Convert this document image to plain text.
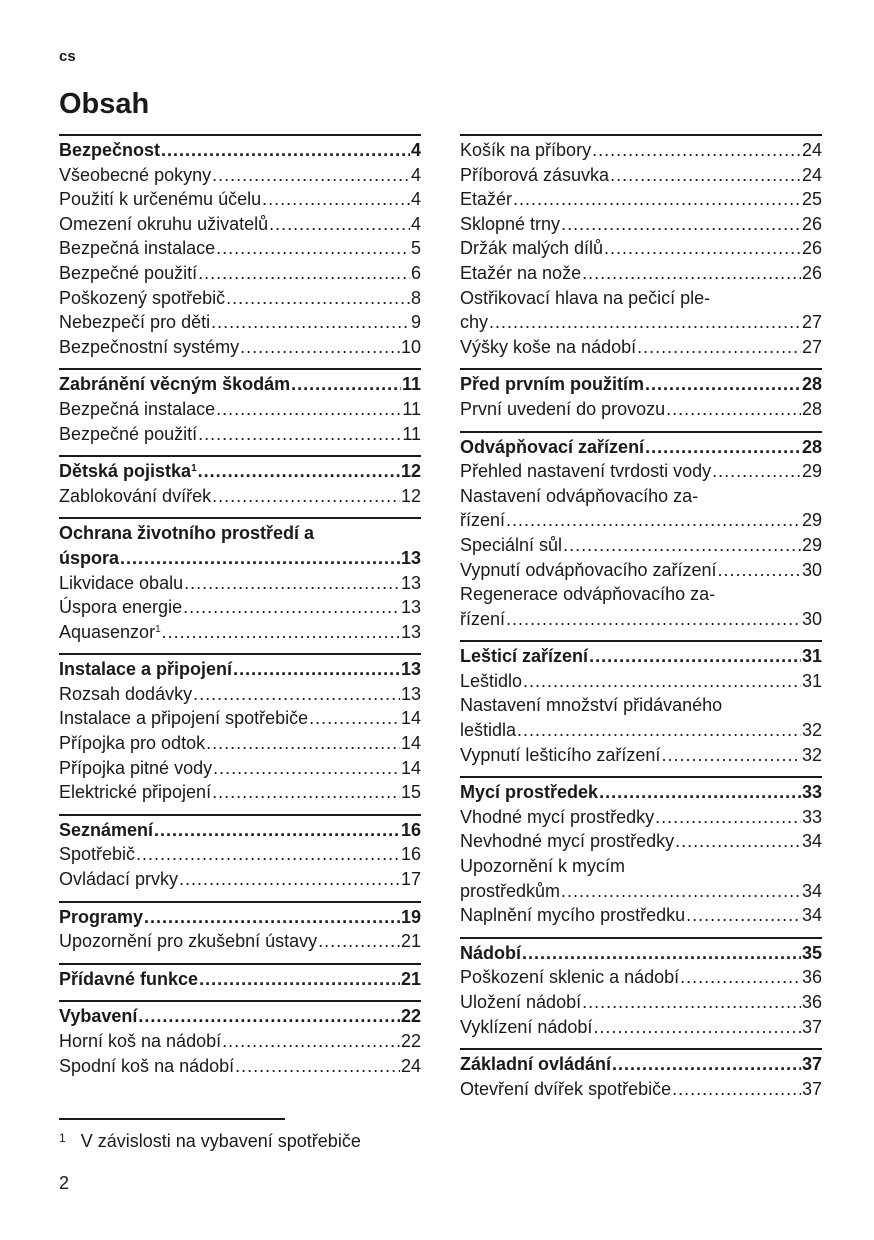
cs
Obsah
Bezpečnost .....	4
Všeobecné pokyny .....	4
Použití k určenému účelu .....	4
Omezení okruhu uživatelů .....	4
Bezpečná instalace .....	5
Bezpečné použití .....	6
Poškozený spotřebič .....	8
Nebezpečí pro děti .....	9
Bezpečnostní systémy .....	10
Zabránění věcným škodám .....	11
Bezpečná instalace .....	11
Bezpečné použití .....	11
Dětská pojistka$^1$ .....	12
Zablokování dvířek .....	12
Ochrana životního prostředí a
úspora .....	13
Likvidace obalu .....	13
Úspora energie .....	13
Aquasenzor$^1$ .....	13
Instalace a připojení .....	13
Rozsah dodávky .....	13
Instalace a připojení spotřebiče .....	14
Přípojka pro odtok .....	14
Přípojka pitné vody .....	14
Elektrické připojení .....	15
Seznámení .....	16
Spotřebič .....	16
Ovládací prvky .....	17
Programy .....	19
Upozornění pro zkušební ústavy .....	21
Přídavné funkce .....	21
Vybavení .....	22
Horní koš na nádobí .....	22
Spodní koš na nádobí .....	24
Košík na příbory .....	24
Příborová zásuvka .....	24
Etažér .....	25
Sklopné trny .....	26
Držák malých dílů .....	26
Etažér na nože .....	26
Ostřikovací hlava na pečicí ple-
chy .....	27
Výšky koše na nádobí .....	27
Před prvním použitím .....	28
První uvedení do provozu .....	28
Odvápňovací zařízení .....	28
Přehled nastavení tvrdosti vody .....	29
Nastavení odvápňovacího za-
řízení .....	29
Speciální sůl .....	29
Vypnutí odvápňovacího zařízení .....	30
Regenerace odvápňovacího za-
řízení .....	30
Lešticí zařízení .....	31
Leštidlo .....	31
Nastavení množství přidávaného
leštidla .....	32
Vypnutí lešticího zařízení .....	32
Mycí prostředek .....	33
Vhodné mycí prostředky .....	33
Nevhodné mycí prostředky .....	34
Upozornění k mycím
prostředkům .....	34
Naplnění mycího prostředku .....	34
Nádobí .....	35
Poškození sklenic a nádobí .....	36
Uložení nádobí .....	36
Vyklízení nádobí .....	37
Základní ovládání .....	37
Otevření dvířek spotřebiče .....	37
$^1$ V závislosti na vybavení spotřebiče
2
